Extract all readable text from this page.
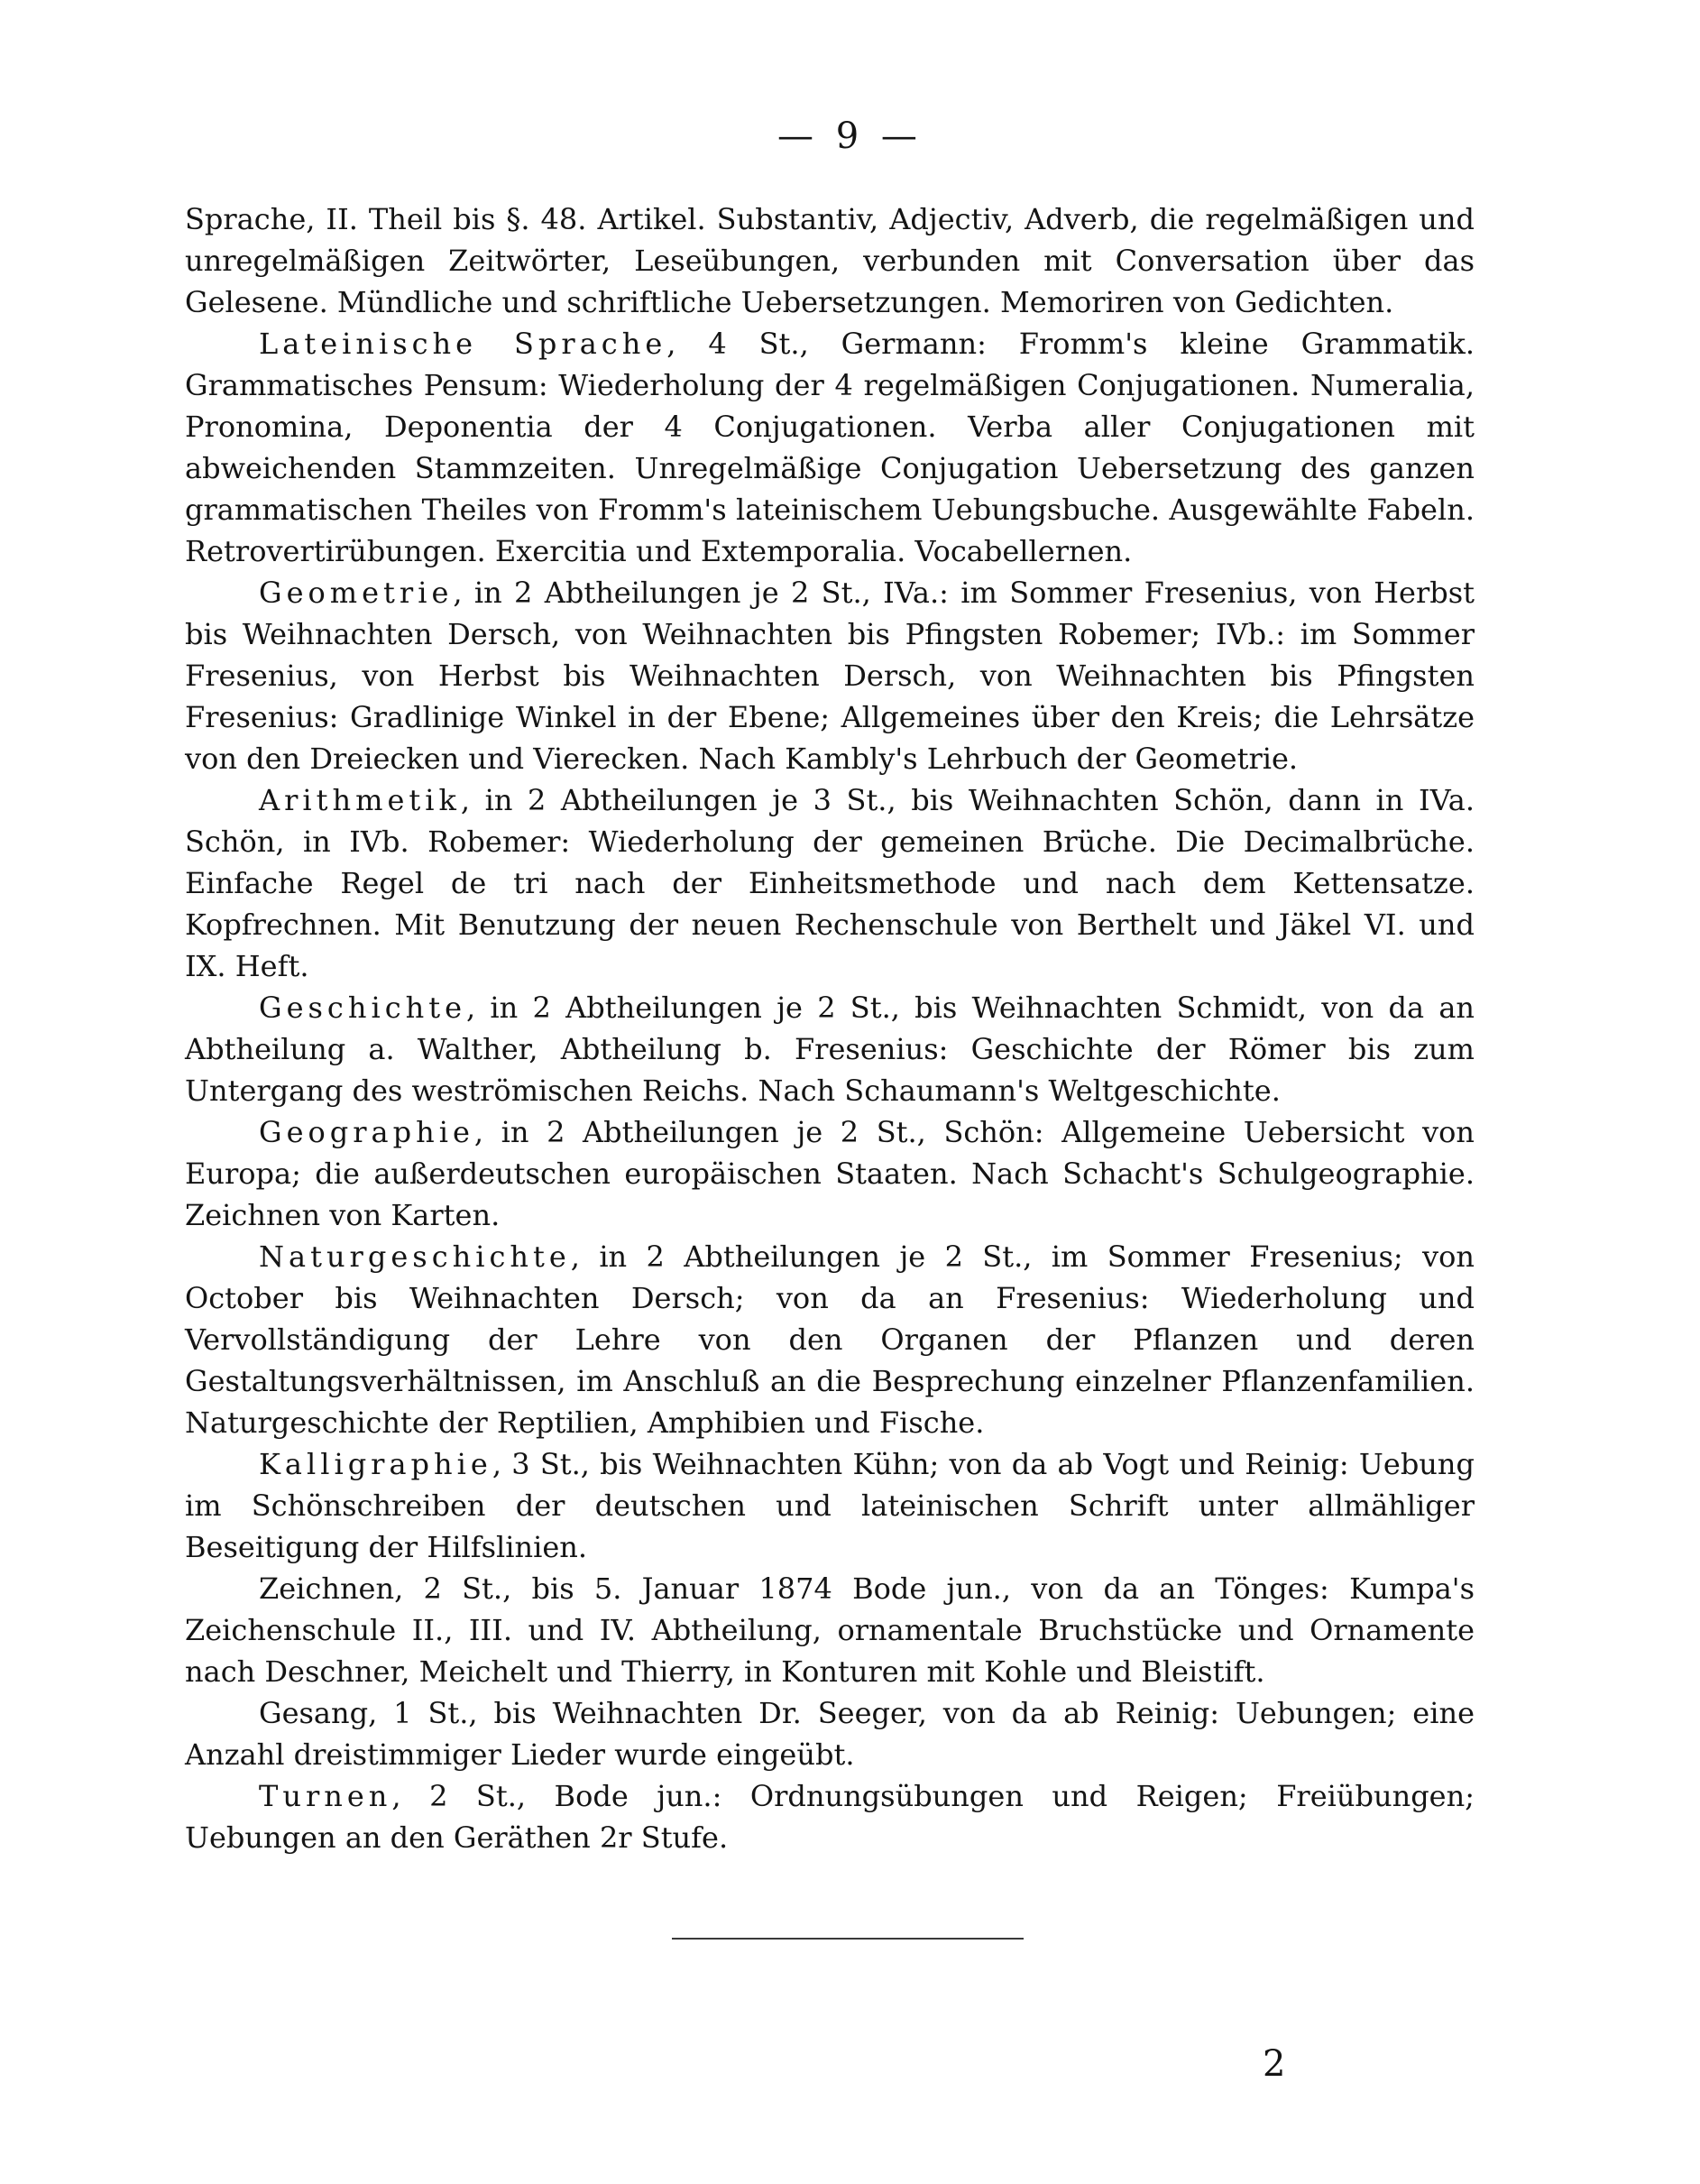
— 9 —

Sprache, II. Theil bis §. 48. Artikel. Substantiv, Adjectiv, Adverb, die regelmäßigen und unregelmäßigen Zeitwörter, Leseübungen, verbunden mit Conversation über das Gelesene. Mündliche und schriftliche Uebersetzungen. Memoriren von Gedichten.

Lateinische Sprache, 4 St., Germann: Fromm's kleine Grammatik. Grammatisches Pensum: Wiederholung der 4 regelmäßigen Conjugationen. Numeralia, Pronomina, Deponentia der 4 Conjugationen. Verba aller Conjugationen mit abweichenden Stammzeiten. Unregelmäßige Conjugation Uebersetzung des ganzen grammatischen Theiles von Fromm's lateinischem Uebungsbuche. Ausgewählte Fabeln. Retrovertirübungen. Exercitia und Extemporalia. Vocabellernen.

Geometrie, in 2 Abtheilungen je 2 St., IVa.: im Sommer Fresenius, von Herbst bis Weihnachten Dersch, von Weihnachten bis Pfingsten Robemer; IVb.: im Sommer Fresenius, von Herbst bis Weihnachten Dersch, von Weihnachten bis Pfingsten Fresenius: Gradlinige Winkel in der Ebene; Allgemeines über den Kreis; die Lehrsätze von den Dreiecken und Vierecken. Nach Kambly's Lehrbuch der Geometrie.

Arithmetik, in 2 Abtheilungen je 3 St., bis Weihnachten Schön, dann in IVa. Schön, in IVb. Robemer: Wiederholung der gemeinen Brüche. Die Decimalbrüche. Einfache Regel de tri nach der Einheitsmethode und nach dem Kettensatze. Kopfrechnen. Mit Benutzung der neuen Rechenschule von Berthelt und Jäkel VI. und IX. Heft.

Geschichte, in 2 Abtheilungen je 2 St., bis Weihnachten Schmidt, von da an Abtheilung a. Walther, Abtheilung b. Fresenius: Geschichte der Römer bis zum Untergang des weströmischen Reichs. Nach Schaumann's Weltgeschichte.

Geographie, in 2 Abtheilungen je 2 St., Schön: Allgemeine Uebersicht von Europa; die außerdeutschen europäischen Staaten. Nach Schacht's Schulgeographie. Zeichnen von Karten.

Naturgeschichte, in 2 Abtheilungen je 2 St., im Sommer Fresenius; von October bis Weihnachten Dersch; von da an Fresenius: Wiederholung und Vervollständigung der Lehre von den Organen der Pflanzen und deren Gestaltungsverhältnissen, im Anschluß an die Besprechung einzelner Pflanzenfamilien. Naturgeschichte der Reptilien, Amphibien und Fische.

Kalligraphie, 3 St., bis Weihnachten Kühn; von da ab Vogt und Reinig: Uebung im Schönschreiben der deutschen und lateinischen Schrift unter allmähliger Beseitigung der Hilfslinien.

Zeichnen, 2 St., bis 5. Januar 1874 Bode jun., von da an Tönges: Kumpa's Zeichenschule II., III. und IV. Abtheilung, ornamentale Bruchstücke und Ornamente nach Deschner, Meichelt und Thierry, in Konturen mit Kohle und Bleistift.

Gesang, 1 St., bis Weihnachten Dr. Seeger, von da ab Reinig: Uebungen; eine Anzahl dreistimmiger Lieder wurde eingeübt.

Turnen, 2 St., Bode jun.: Ordnungsübungen und Reigen; Freiübungen; Uebungen an den Geräthen 2r Stufe.

2
